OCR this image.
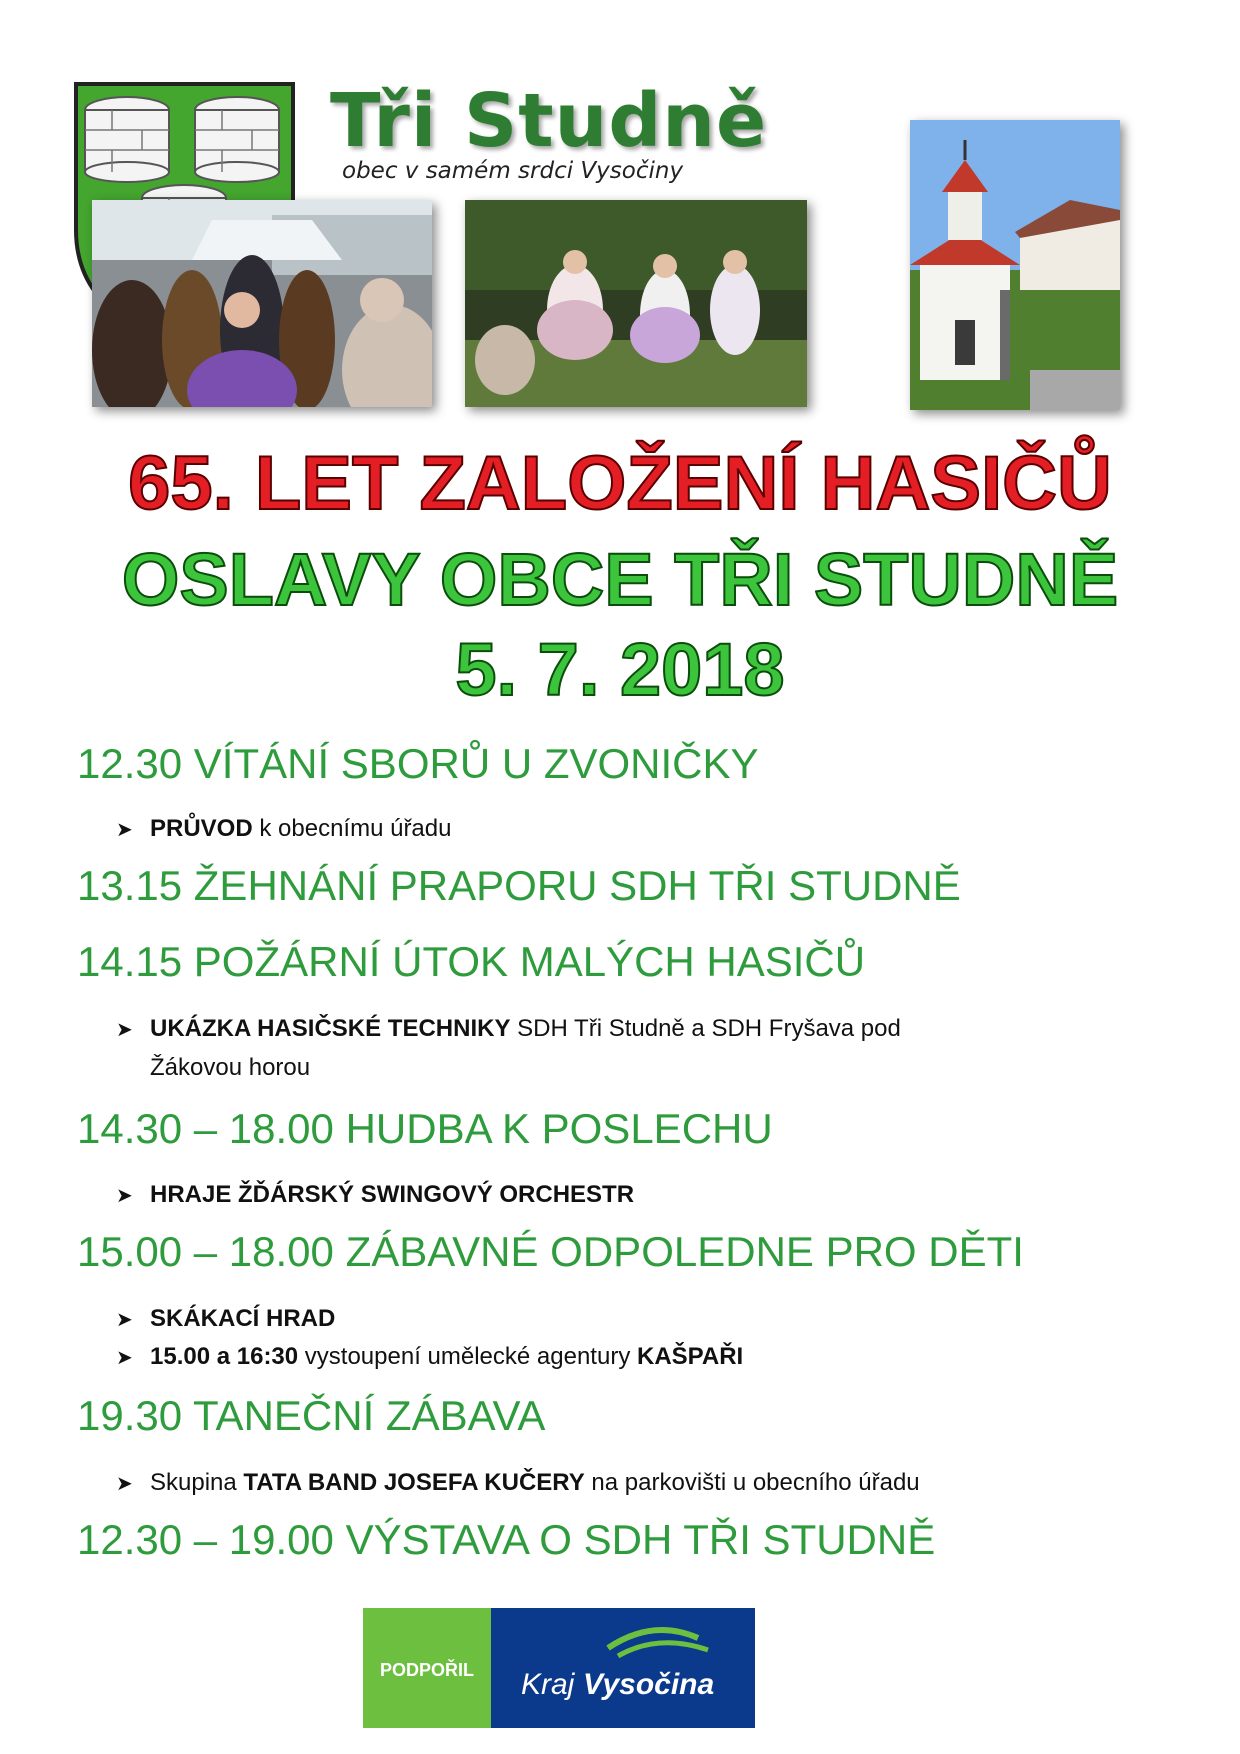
Tři Studně
obec v samém srdci Vysočiny
65. LET ZALOŽENÍ HASIČŮ
OSLAVY OBCE TŘI STUDNĚ
5. 7. 2018
12.30 VÍTÁNÍ SBORŮ U ZVONIČKY
➤ PRŮVOD k obecnímu úřadu
13.15 ŽEHNÁNÍ PRAPORU SDH TŘI STUDNĚ
14.15 POŽÁRNÍ ÚTOK MALÝCH HASIČŮ
➤ UKÁZKA HASIČSKÉ TECHNIKY SDH Tři Studně a SDH Fryšava pod
Žákovou horou
14.30 – 18.00 HUDBA K POSLECHU
➤ HRAJE ŽĎÁRSKÝ SWINGOVÝ ORCHESTR
15.00 – 18.00 ZÁBAVNÉ ODPOLEDNE PRO DĚTI
➤ SKÁKACÍ HRAD
➤ 15.00 a 16:30 vystoupení umělecké agentury KAŠPAŘI
19.30 TANEČNÍ ZÁBAVA
➤ Skupina TATA BAND JOSEFA KUČERY na parkovišti u obecního úřadu
12.30 – 19.00 VÝSTAVA O SDH TŘI STUDNĚ
PODPOŘIL Kraj Vysočina
